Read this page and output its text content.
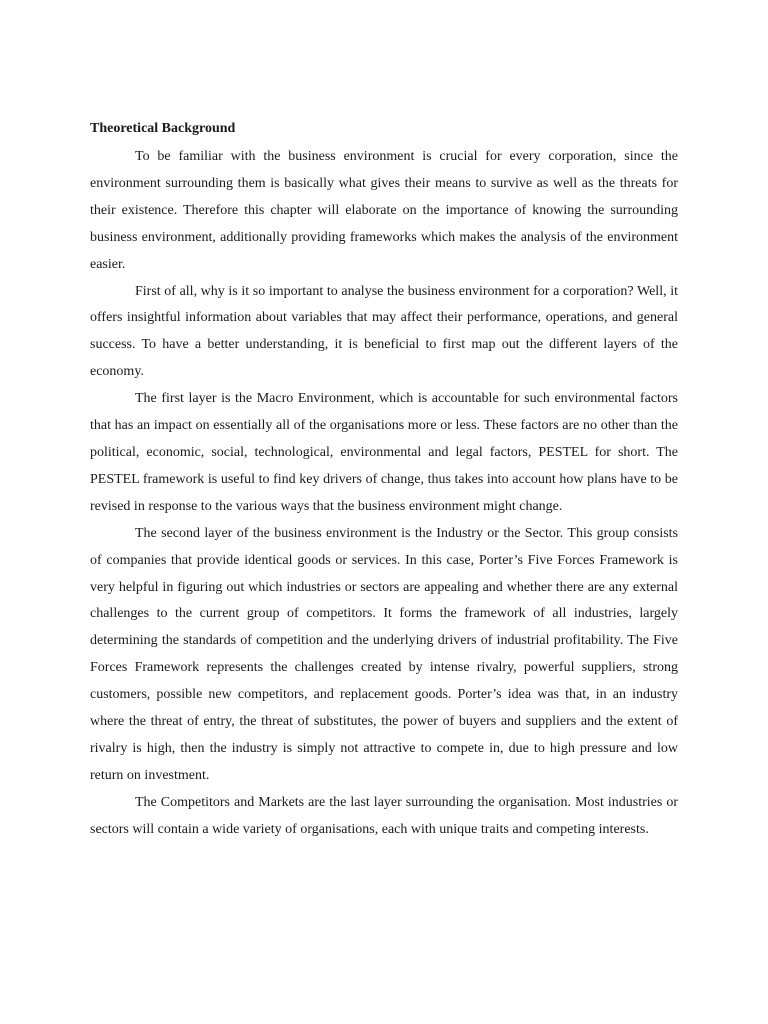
Theoretical Background

To be familiar with the business environment is crucial for every corporation, since the environment surrounding them is basically what gives their means to survive as well as the threats for their existence. Therefore this chapter will elaborate on the importance of knowing the surrounding business environment, additionally providing frameworks which makes the analysis of the environment easier.

First of all, why is it so important to analyse the business environment for a corporation? Well, it offers insightful information about variables that may affect their performance, operations, and general success. To have a better understanding, it is beneficial to first map out the different layers of the economy.

The first layer is the Macro Environment, which is accountable for such environmental factors that has an impact on essentially all of the organisations more or less. These factors are no other than the political, economic, social, technological, environmental and legal factors, PESTEL for short. The PESTEL framework is useful to find key drivers of change, thus takes into account how plans have to be revised in response to the various ways that the business environment might change.

The second layer of the business environment is the Industry or the Sector. This group consists of companies that provide identical goods or services. In this case, Porter’s Five Forces Framework is very helpful in figuring out which industries or sectors are appealing and whether there are any external challenges to the current group of competitors. It forms the framework of all industries, largely determining the standards of competition and the underlying drivers of industrial profitability. The Five Forces Framework represents the challenges created by intense rivalry, powerful suppliers, strong customers, possible new competitors, and replacement goods. Porter’s idea was that, in an industry where the threat of entry, the threat of substitutes, the power of buyers and suppliers and the extent of rivalry is high, then the industry is simply not attractive to compete in, due to high pressure and low return on investment.

The Competitors and Markets are the last layer surrounding the organisation. Most industries or sectors will contain a wide variety of organisations, each with unique traits and competing interests.
